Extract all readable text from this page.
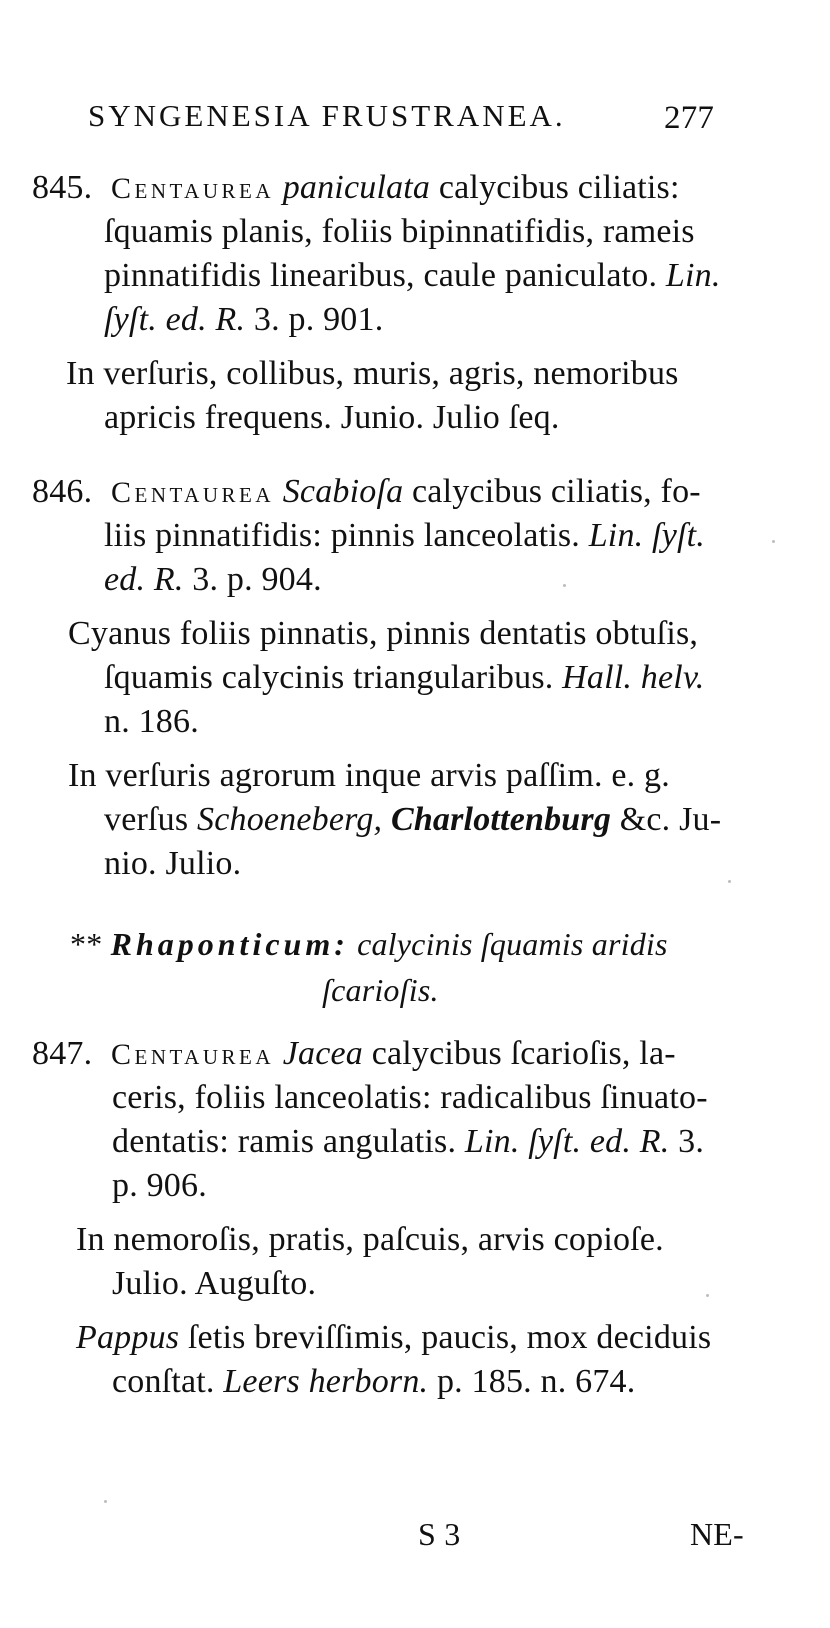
SYNGENESIA FRUSTRANEA.	277
845. Centaurea paniculata calycibus ciliatis:
ſquamis planis, foliis bipinnatifidis, rameis
pinnatifidis linearibus, caule paniculato. Lin.
ſyſt. ed. R. 3. p. 901.
In verſuris, collibus, muris, agris, nemoribus
apricis frequens. Junio. Julio ſeq.
846. Centaurea Scabioſa calycibus ciliatis, fo-
liis pinnatifidis: pinnis lanceolatis. Lin. ſyſt.
ed. R. 3. p. 904.
Cyanus foliis pinnatis, pinnis dentatis obtuſis,
ſquamis calycinis triangularibus. Hall. helv.
n. 186.
In verſuris agrorum inque arvis paſſim. e. g.
verſus Schoeneberg, Charlottenburg &c. Ju-
nio. Julio.
** Rhaponticum: calycinis ſquamis aridis
ſcarioſis.
847. Centaurea Jacea calycibus ſcarioſis, la-
ceris, foliis lanceolatis: radicalibus ſinuato-
dentatis: ramis angulatis. Lin. ſyſt. ed. R. 3.
p. 906.
In nemoroſis, pratis, paſcuis, arvis copioſe.
Julio. Auguſto.
Pappus ſetis breviſſimis, paucis, mox deciduis
conſtat. Leers herborn. p. 185. n. 674.
S 3	NE-
